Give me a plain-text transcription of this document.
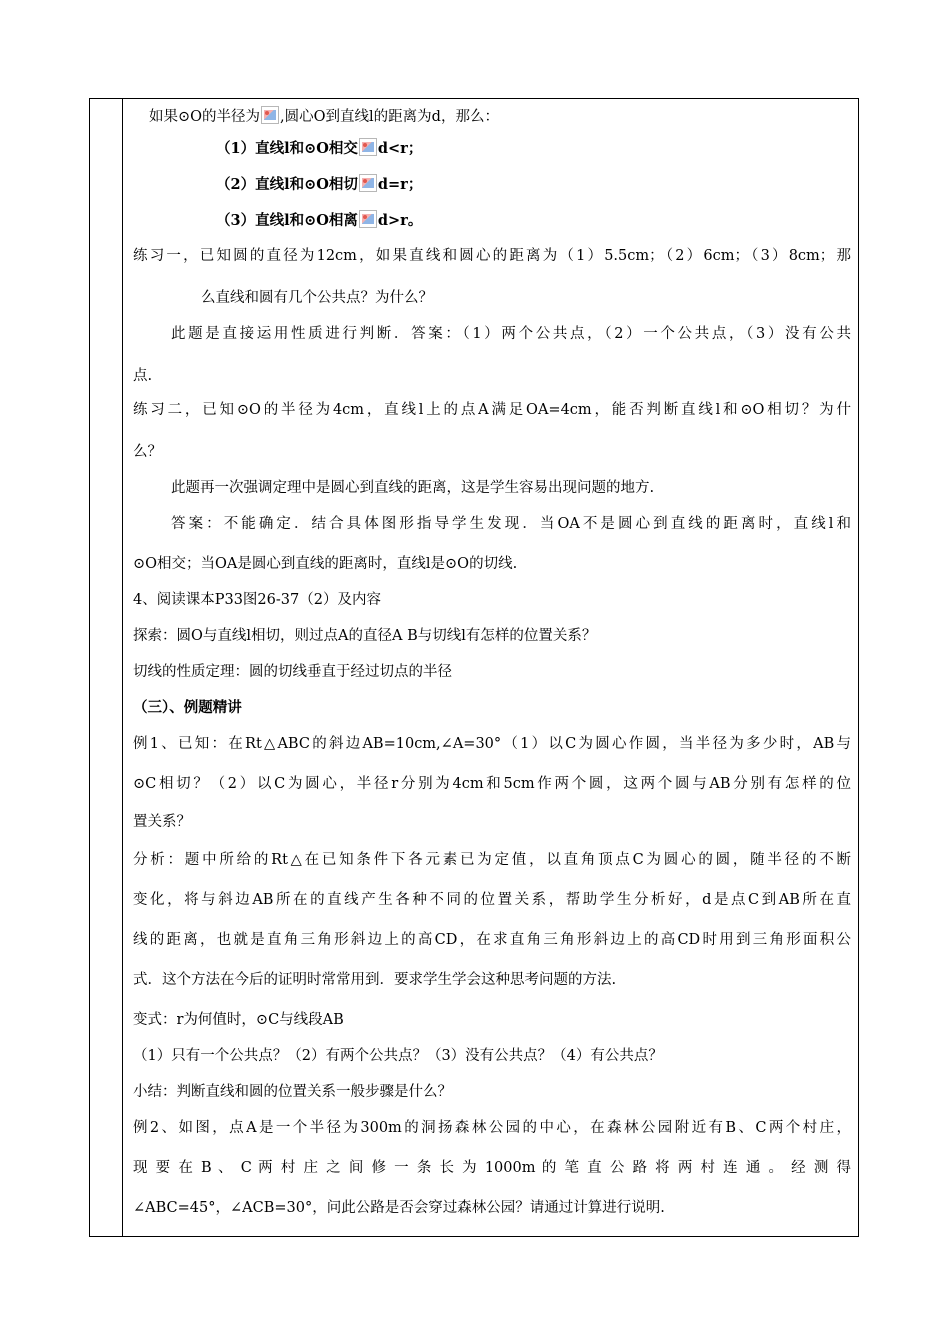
如果⊙O的半径为 ,圆心O到直线l的距离为d，那么：
（1）直线l和⊙O相交 d<r；
（2）直线l和⊙O相切 d=r；
（3）直线l和⊙O相离 d>r。
练习一，已知圆的直径为12cm，如果直线和圆心的距离为（1）5.5cm；（2）6cm；（3）8cm；那
么直线和圆有几个公共点？为什么？
此题是直接运用性质进行判断．答案：（1）两个公共点，（2）一个公共点，（3）没有公共
点.
练习二，已知⊙O的半径为4cm，直线l上的点A满足OA=4cm，能否判断直线l和⊙O相切？为什
么？
此题再一次强调定理中是圆心到直线的距离，这是学生容易出现问题的地方.
答案：不能确定．结合具体图形指导学生发现．当OA不是圆心到直线的距离时，直线l和
⊙O相交；当OA是圆心到直线的距离时，直线l是⊙O的切线.
4、阅读课本P33图26-37（2）及内容
探索：圆O与直线l相切，则过点A的直径A B与切线l有怎样的位置关系？
切线的性质定理：圆的切线垂直于经过切点的半径
（三）、例题精讲
例1、已知：在Rt△ABC的斜边AB=10cm,∠A=30°（1）以C为圆心作圆，当半径为多少时，AB与
⊙C相切？（2）以C为圆心，半径r分别为4cm和5cm作两个圆，这两个圆与AB分别有怎样的位
置关系？
分析：题中所给的Rt△在已知条件下各元素已为定值，以直角顶点C为圆心的圆，随半径的不断
变化，将与斜边AB所在的直线产生各种不同的位置关系，帮助学生分析好，d是点C到AB所在直
线的距离，也就是直角三角形斜边上的高CD，在求直角三角形斜边上的高CD时用到三角形面积公
式．这个方法在今后的证明时常常用到．要求学生学会这种思考问题的方法.
变式：r为何值时，⊙C与线段AB
（1）只有一个公共点？（2）有两个公共点？（3）没有公共点？（4）有公共点？
小结：判断直线和圆的位置关系一般步骤是什么？
例2、如图，点A是一个半径为300m的洞扬森林公园的中心，在森林公园附近有B、C两个村庄，
现 要 在 B 、 C 两 村 庄 之 间 修 一 条 长 为 1000m 的 笔 直 公 路 将 两 村 连 通 。 经 测 得
∠ABC=45°，∠ACB=30°，问此公路是否会穿过森林公园？请通过计算进行说明.
